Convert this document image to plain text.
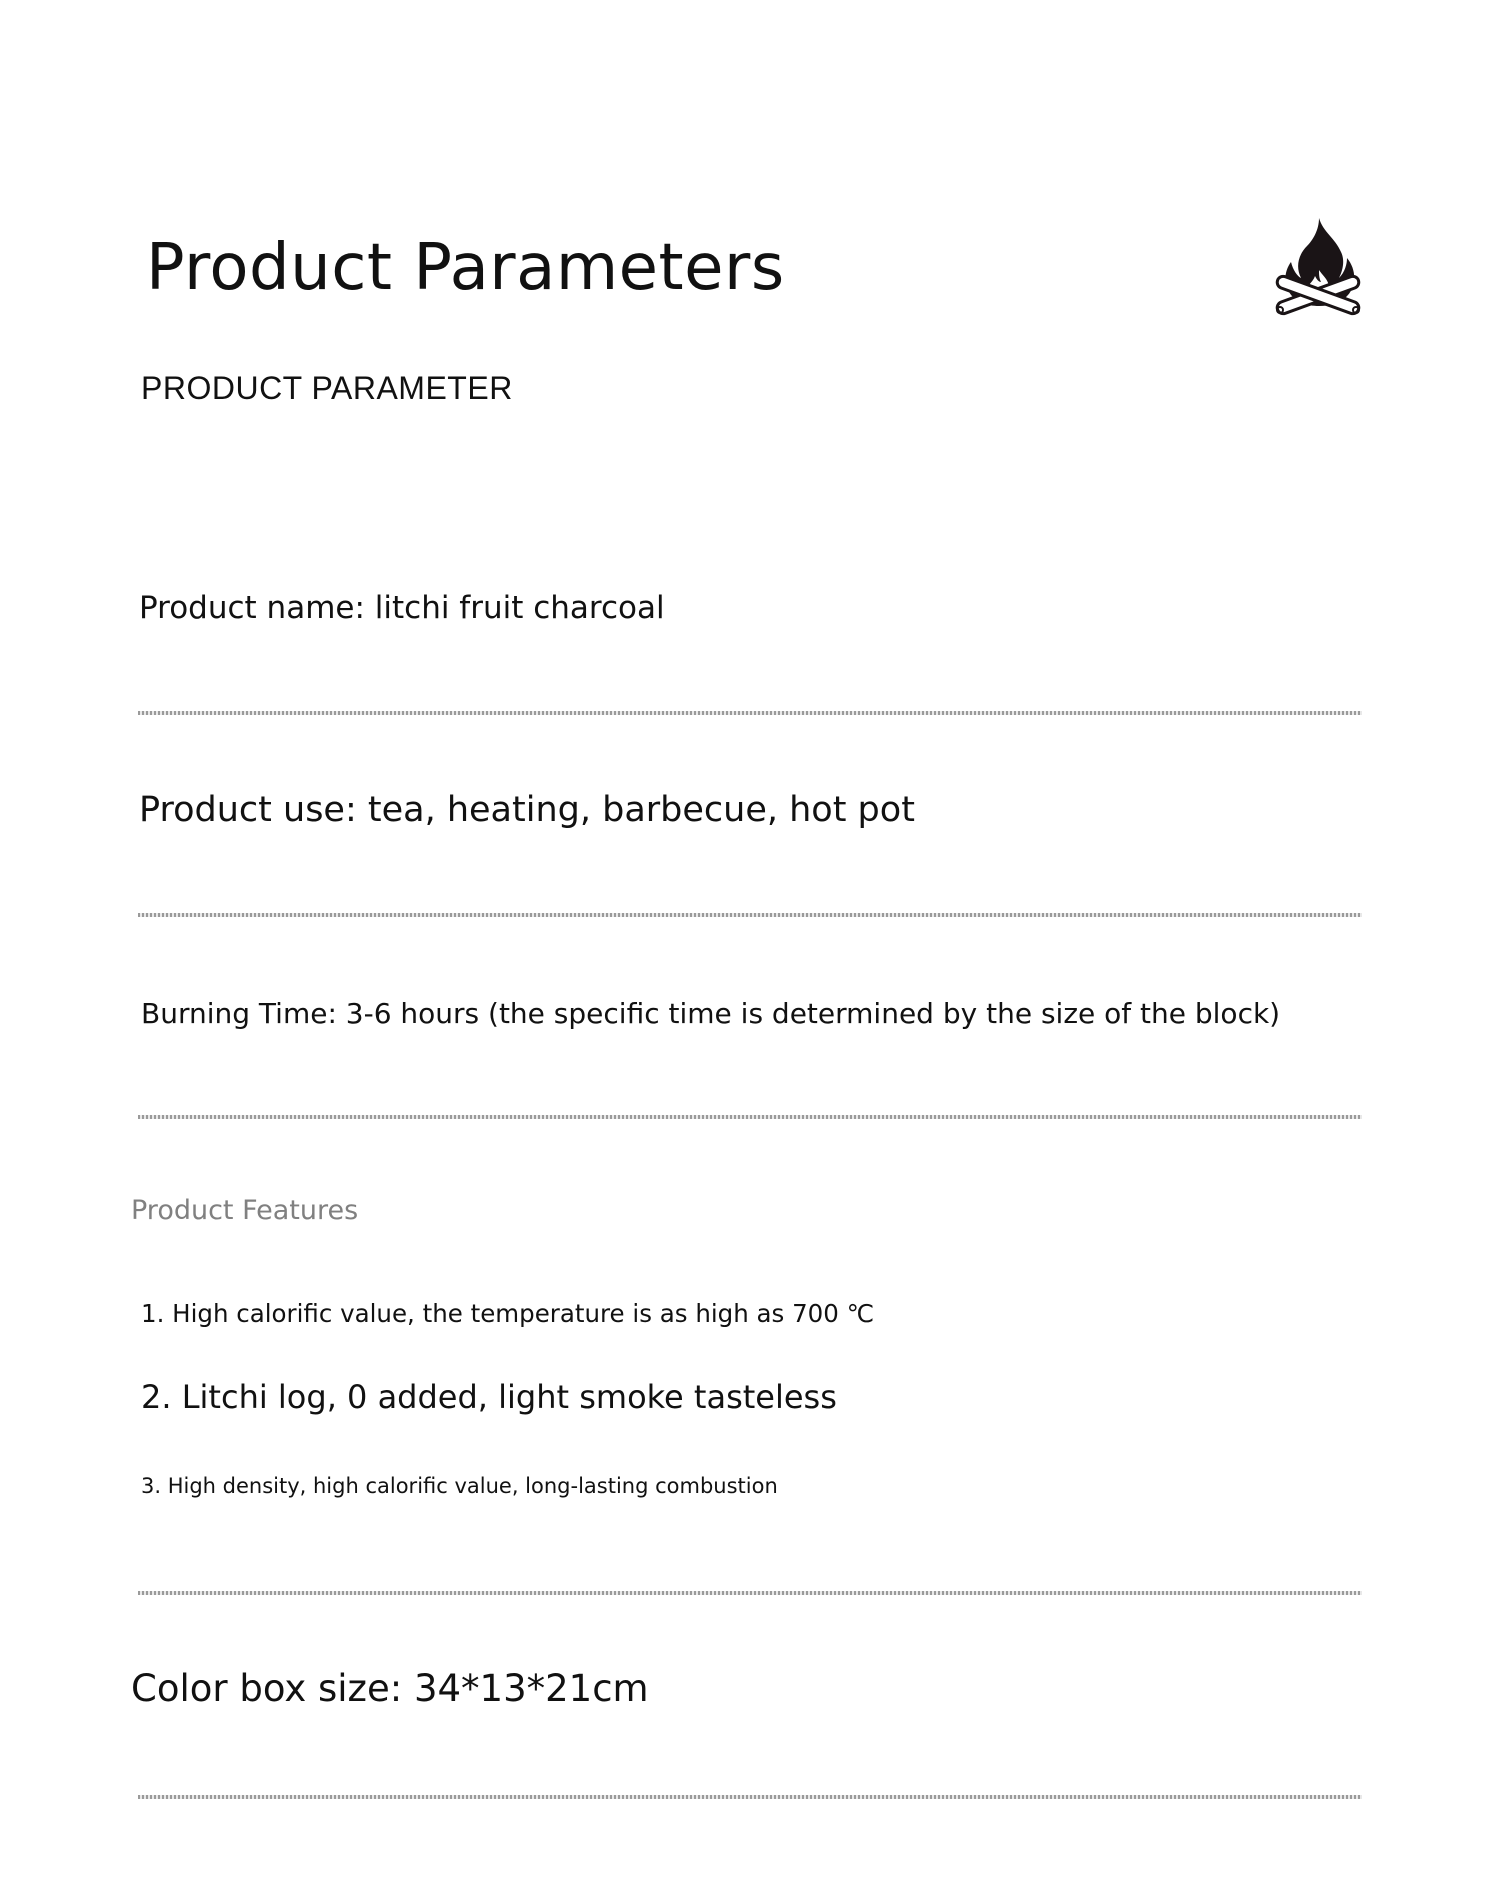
Product Parameters
PRODUCT PARAMETER
Product name: litchi fruit charcoal
Product use: tea, heating, barbecue, hot pot
Burning Time: 3-6 hours (the specific time is determined by the size of the block)
Product Features
1. High calorific value, the temperature is as high as 700 ℃
2. Litchi log, 0 added, light smoke tasteless
3. High density, high calorific value, long-lasting combustion
Color box size: 34*13*21cm
